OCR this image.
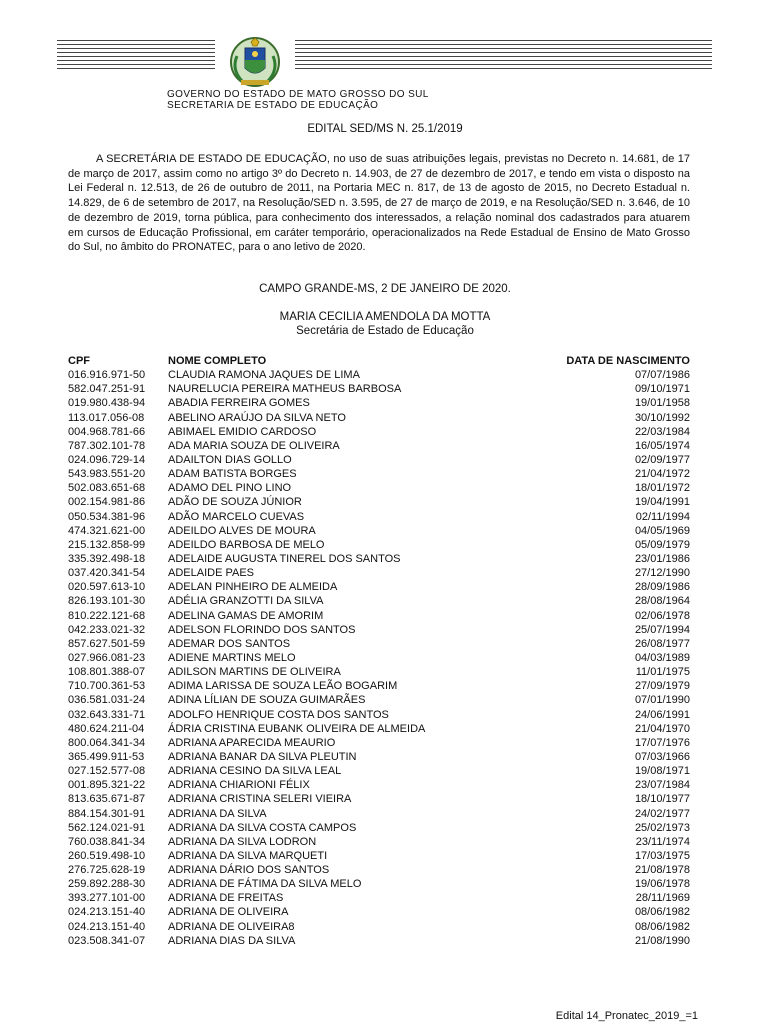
GOVERNO DO ESTADO DE MATO GROSSO DO SUL
SECRETARIA DE ESTADO DE EDUCAÇÃO
EDITAL SED/MS N. 25.1/2019
A SECRETÁRIA DE ESTADO DE EDUCAÇÃO, no uso de suas atribuições legais, previstas no Decreto n. 14.681, de 17 de março de 2017, assim como no artigo 3º do Decreto n. 14.903, de 27 de dezembro de 2017, e tendo em vista o disposto na Lei Federal n. 12.513, de 26 de outubro de 2011, na Portaria MEC n. 817, de 13 de agosto de 2015, no Decreto Estadual n. 14.829, de 6 de setembro de 2017, na Resolução/SED n. 3.595, de 27 de março de 2019, e na Resolução/SED n. 3.646, de 10 de dezembro de 2019, torna pública, para conhecimento dos interessados, a relação nominal dos cadastrados para atuarem em cursos de Educação Profissional, em caráter temporário, operacionalizados na Rede Estadual de Ensino de Mato Grosso do Sul, no âmbito do PRONATEC, para o ano letivo de 2020.
CAMPO GRANDE-MS, 2 DE JANEIRO DE 2020.
MARIA CECILIA AMENDOLA DA MOTTA
Secretária de Estado de Educação
CPF	NOME COMPLETO	DATA DE NASCIMENTO
016.916.971-50 CLAUDIA RAMONA JAQUES DE LIMA	07/07/1986
582.047.251-91 NAURELUCIA PEREIRA MATHEUS BARBOSA	09/10/1971
019.980.438-94 ABADIA FERREIRA GOMES	19/01/1958
113.017.056-08 ABELINO ARAÚJO DA SILVA NETO	30/10/1992
004.968.781-66 ABIMAEL EMIDIO CARDOSO	22/03/1984
787.302.101-78 ADA MARIA SOUZA DE OLIVEIRA	16/05/1974
024.096.729-14 ADAILTON DIAS GOLLO	02/09/1977
543.983.551-20 ADAM BATISTA BORGES	21/04/1972
502.083.651-68 ADAMO DEL PINO LINO	18/01/1972
002.154.981-86 ADÃO DE SOUZA JÚNIOR	19/04/1991
050.534.381-96 ADÃO MARCELO CUEVAS	02/11/1994
474.321.621-00 ADEILDO ALVES DE MOURA	04/05/1969
215.132.858-99 ADEILDO BARBOSA DE MELO	05/09/1979
335.392.498-18 ADELAIDE AUGUSTA TINEREL DOS SANTOS	23/01/1986
037.420.341-54 ADELAIDE PAES	27/12/1990
020.597.613-10 ADELAN PINHEIRO DE ALMEIDA	28/09/1986
826.193.101-30 ADÉLIA GRANZOTTI DA SILVA	28/08/1964
810.222.121-68 ADELINA GAMAS DE AMORIM	02/06/1978
042.233.021-32 ADELSON FLORINDO DOS SANTOS	25/07/1994
857.627.501-59 ADEMAR DOS SANTOS	26/08/1977
027.966.081-23 ADIENE MARTINS MELO	04/03/1989
108.801.388-07 ADILSON MARTINS DE OLIVEIRA	11/01/1975
710.700.361-53 ADIMA LARISSA DE SOUZA LEÃO BOGARIM	27/09/1979
036.581.031-24 ADINA LÍLIAN DE SOUZA GUIMARÃES	07/01/1990
032.643.331-71 ADOLFO HENRIQUE COSTA DOS SANTOS	24/06/1991
480.624.211-04 ÁDRIA CRISTINA EUBANK OLIVEIRA DE ALMEIDA	21/04/1970
800.064.341-34 ADRIANA APARECIDA MEAURIO	17/07/1976
365.499.911-53 ADRIANA BANAR DA SILVA PLEUTIN	07/03/1966
027.152.577-08 ADRIANA CESINO DA SILVA LEAL	19/08/1971
001.895.321-22 ADRIANA CHIARIONI FÉLIX	23/07/1984
813.635.671-87 ADRIANA CRISTINA SELERI VIEIRA	18/10/1977
884.154.301-91 ADRIANA DA SILVA	24/02/1977
562.124.021-91 ADRIANA DA SILVA COSTA CAMPOS	25/02/1973
760.038.841-34 ADRIANA DA SILVA LODRON	23/11/1974
260.519.498-10 ADRIANA DA SILVA MARQUETI	17/03/1975
276.725.628-19 ADRIANA DÁRIO DOS SANTOS	21/08/1978
259.892.288-30 ADRIANA DE FÁTIMA DA SILVA MELO	19/06/1978
393.277.101-00 ADRIANA DE FREITAS	28/11/1969
024.213.151-40 ADRIANA DE OLIVEIRA	08/06/1982
024.213.151-40 ADRIANA DE OLIVEIRA8	08/06/1982
023.508.341-07 ADRIANA DIAS DA SILVA	21/08/1990
Edital 14_Pronatec_2019_=1
